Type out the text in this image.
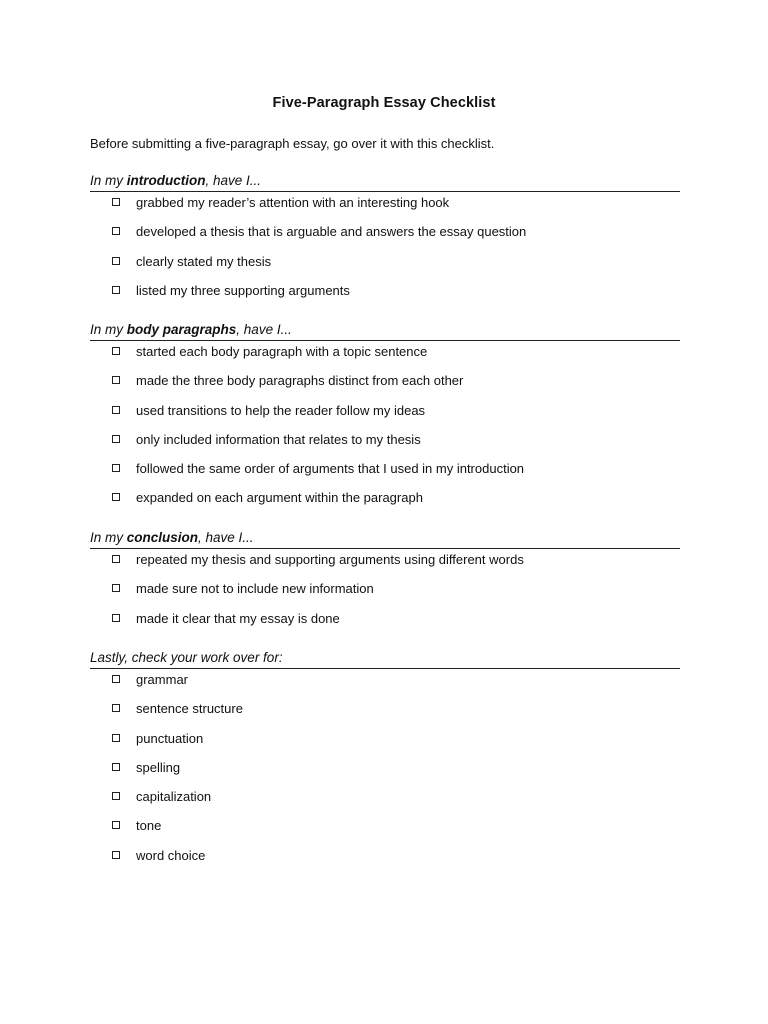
Five-Paragraph Essay Checklist
Before submitting a five-paragraph essay, go over it with this checklist.
In my introduction, have I...
grabbed my reader’s attention with an interesting hook
developed a thesis that is arguable and answers the essay question
clearly stated my thesis
listed my three supporting arguments
In my body paragraphs, have I...
started each body paragraph with a topic sentence
made the three body paragraphs distinct from each other
used transitions to help the reader follow my ideas
only included information that relates to my thesis
followed the same order of arguments that I used in my introduction
expanded on each argument within the paragraph
In my conclusion, have I...
repeated my thesis and supporting arguments using different words
made sure not to include new information
made it clear that my essay is done
Lastly, check your work over for:
grammar
sentence structure
punctuation
spelling
capitalization
tone
word choice
